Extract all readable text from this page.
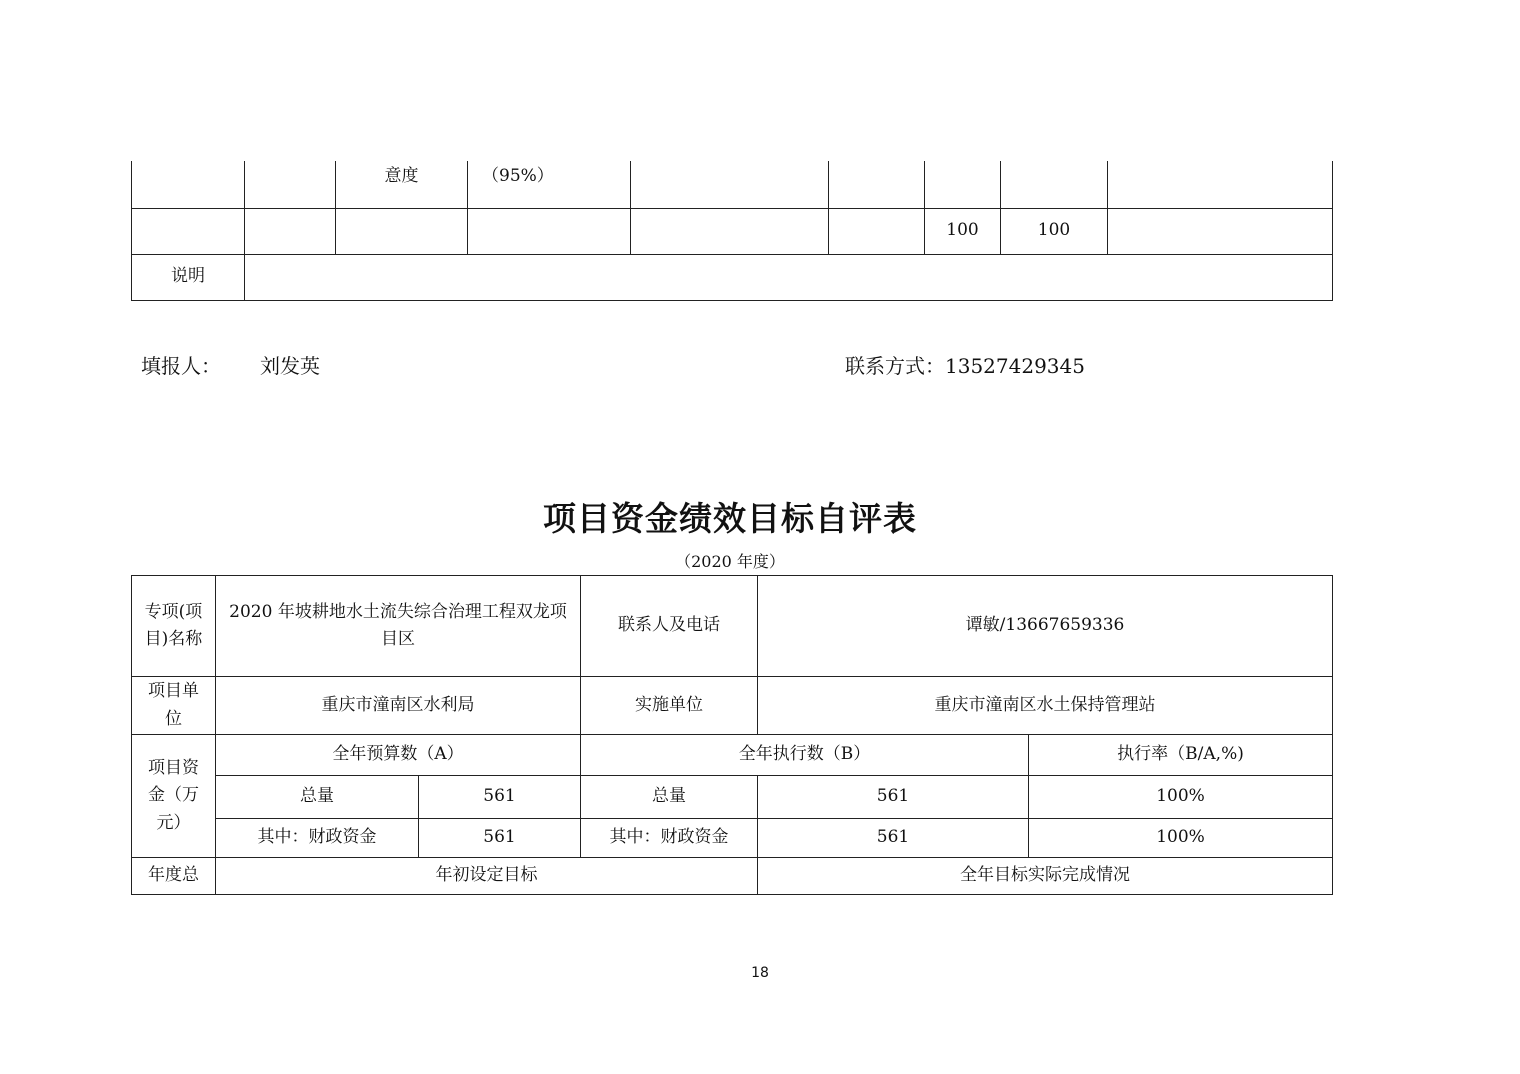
		意度	（95%）					
						100	100	
说明								
填报人： 刘发英	联系方式：13527429345
项目资金绩效目标自评表
（2020 年度）
专项(项目)名称	2020 年坡耕地水土流失综合治理工程双龙项目区		联系人及电话	谭敏/13667659336	
项目单位	重庆市潼南区水利局		实施单位	重庆市潼南区水土保持管理站	
项目资金（万元）	全年预算数（A）		全年执行数（B）		执行率（B/A,%)
	总量	561	总量	561	100%
	其中：财政资金	561	其中：财政资金	561	100%
年度总	年初设定目标			全年目标实际完成情况	
18
